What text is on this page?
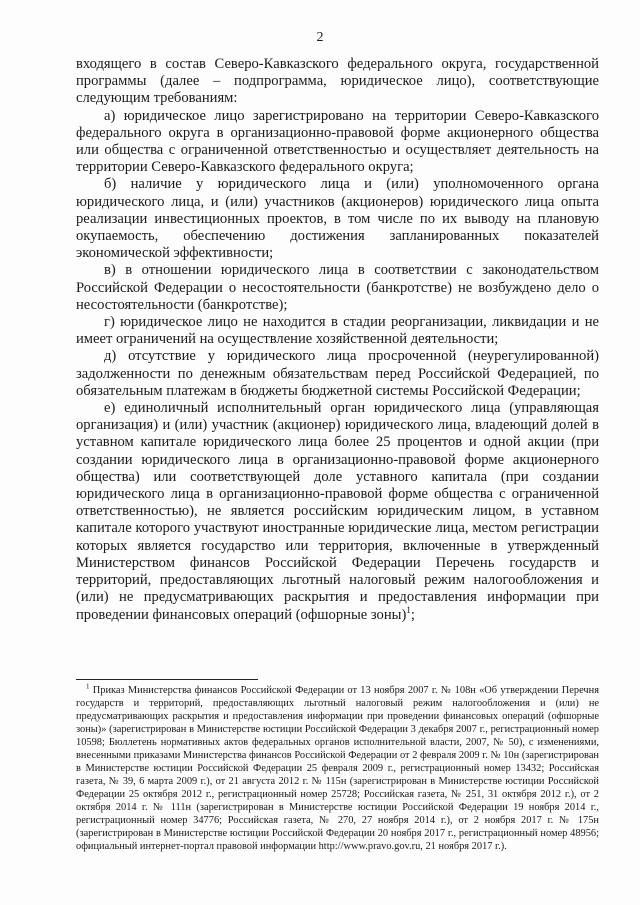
2

входящего в состав Северо-Кавказского федерального округа, государственной программы (далее – подпрограмма, юридическое лицо), соответствующие следующим требованиям:

а) юридическое лицо зарегистрировано на территории Северо-Кавказского федерального округа в организационно-правовой форме акционерного общества или общества с ограниченной ответственностью и осуществляет деятельность на территории Северо-Кавказского федерального округа;

б) наличие у юридического лица и (или) уполномоченного органа юридического лица, и (или) участников (акционеров) юридического лица опыта реализации инвестиционных проектов, в том числе по их выводу на плановую окупаемость, обеспечению достижения запланированных показателей экономической эффективности;

в) в отношении юридического лица в соответствии с законодательством Российской Федерации о несостоятельности (банкротстве) не возбуждено дело о несостоятельности (банкротстве);

г) юридическое лицо не находится в стадии реорганизации, ликвидации и не имеет ограничений на осуществление хозяйственной деятельности;

д) отсутствие у юридического лица просроченной (неурегулированной) задолженности по денежным обязательствам перед Российской Федерацией, по обязательным платежам в бюджеты бюджетной системы Российской Федерации;

е) единоличный исполнительный орган юридического лица (управляющая организация) и (или) участник (акционер) юридического лица, владеющий долей в уставном капитале юридического лица более 25 процентов и одной акции (при создании юридического лица в организационно-правовой форме акционерного общества) или соответствующей доле уставного капитала (при создании юридического лица в организационно-правовой форме общества с ограниченной ответственностью), не является российским юридическим лицом, в уставном капитале которого участвуют иностранные юридические лица, местом регистрации которых является государство или территория, включенные в утвержденный Министерством финансов Российской Федерации Перечень государств и территорий, предоставляющих льготный налоговый режим налогообложения и (или) не предусматривающих раскрытия и предоставления информации при проведении финансовых операций (офшорные зоны)$^1$;

$^1$ Приказ Министерства финансов Российской Федерации от 13 ноября 2007 г. № 108н «Об утверждении Перечня государств и территорий, предоставляющих льготный налоговый режим налогообложения и (или) не предусматривающих раскрытия и предоставления информации при проведении финансовых операций (офшорные зоны)» (зарегистрирован в Министерстве юстиции Российской Федерации 3 декабря 2007 г., регистрационный номер 10598; Бюллетень нормативных актов федеральных органов исполнительной власти, 2007, № 50), с изменениями, внесенными приказами Министерства финансов Российской Федерации от 2 февраля 2009 г. № 10н (зарегистрирован в Министерстве юстиции Российской Федерации 25 февраля 2009 г., регистрационный номер 13432; Российская газета, № 39, 6 марта 2009 г.), от 21 августа 2012 г. № 115н (зарегистрирован в Министерстве юстиции Российской Федерации 25 октября 2012 г., регистрационный номер 25728; Российская газета, № 251, 31 октября 2012 г.), от 2 октября 2014 г. № 111н (зарегистрирован в Министерстве юстиции Российской Федерации 19 ноября 2014 г., регистрационный номер 34776; Российская газета, № 270, 27 ноября 2014 г.), от 2 ноября 2017 г. № 175н (зарегистрирован в Министерстве юстиции Российской Федерации 20 ноября 2017 г., регистрационный номер 48956; официальный интернет-портал правовой информации http://www.pravo.gov.ru, 21 ноября 2017 г.).
